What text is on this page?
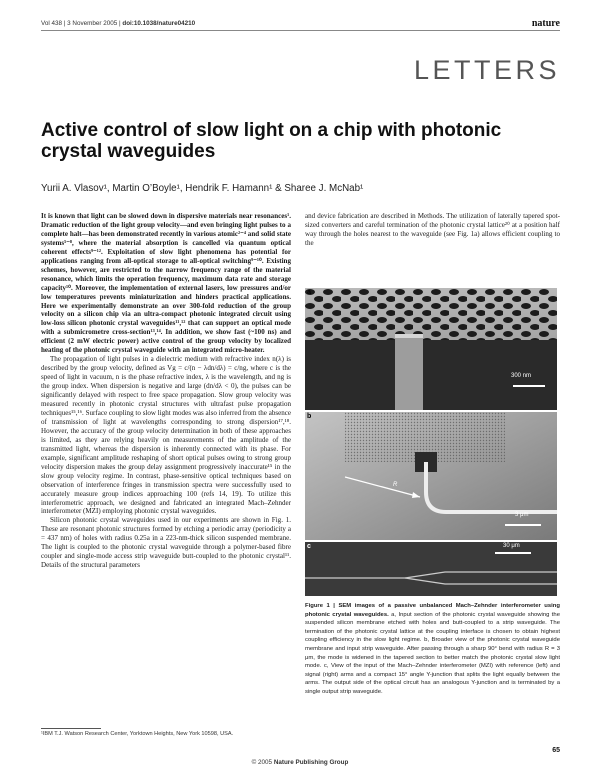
Vol 438 | 3 November 2005 | doi:10.1038/nature04210	nature
LETTERS
Active control of slow light on a chip with photonic crystal waveguides
Yurii A. Vlasov¹, Martin O’Boyle¹, Hendrik F. Hamann¹ & Sharee J. McNab¹

It is known that light can be slowed down in dispersive materials near resonances¹. Dramatic reduction of the light group velocity—and even bringing light pulses to a complete halt—has been demonstrated recently in various atomic²⁻⁴ and solid state systems⁵⁻⁸, where the material absorption is cancelled via quantum optical coherent effects⁹⁻¹². Exploitation of slow light phenomena has potential for applications ranging from all-optical storage to all-optical switching⁹⁻¹⁰. Existing schemes, however, are restricted to the narrow frequency range of the material resonance, which limits the operation frequency, maximum data rate and storage capacity¹⁰. Moreover, the implementation of external lasers, low pressures and/or low temperatures prevents miniaturization and hinders practical applications. Here we experimentally demonstrate an over 300-fold reduction of the group velocity on a silicon chip via an ultra-compact photonic integrated circuit using low-loss silicon photonic crystal waveguides¹¹,¹² that can support an optical mode with a submicrometre cross-section¹³,¹⁴. In addition, we show fast (~100 ns) and efficient (2 mW electric power) active control of the group velocity by localized heating of the photonic crystal waveguide with an integrated micro-heater.

The propagation of light pulses in a dielectric medium with refractive index n(λ) is described by the group velocity, defined as Vg = c/(n − λdn/dλ) = c/ng, where c is the speed of light in vacuum, n is the phase refractive index, λ is the wavelength, and ng is the group index. When dispersion is negative and large (dn/dλ < 0), the pulses can be significantly delayed with respect to free space propagation. Slow group velocity was measured recently in photonic crystal structures with ultrafast pulse propagation techniques¹⁵,¹⁶. Surface coupling to slow light modes was also inferred from the absence of transmission of light at wavelengths corresponding to strong dispersion¹⁷,¹⁸. However, the accuracy of the group velocity determination in both of these approaches is limited, as they are relying heavily on measurements of the amplitude of the transmitted light, whereas the dispersion is inherently connected with its phase. For example, significant amplitude reshaping of short optical pulses owing to strong group velocity dispersion makes the group delay assignment progressively inaccurate¹⁵ in the slow group velocity regime. In contrast, phase-sensitive optical techniques based on observation of interference fringes in transmission spectra were successfully used to accurately measure group indices approaching 100 (refs 14, 19). To utilize this interferometric approach, we designed and fabricated an integrated Mach–Zehnder interferometer (MZI) employing photonic crystal waveguides.

Silicon photonic crystal waveguides used in our experiments are shown in Fig. 1. These are resonant photonic structures formed by etching a periodic array (periodicity a = 437 nm) of holes with radius 0.25a in a 223-nm-thick silicon suspended membrane. The light is coupled to the photonic crystal waveguide through a polymer-based fibre coupler and single-mode access strip waveguide butt-coupled to the photonic crystal¹¹. Details of the structural parameters

and device fabrication are described in Methods. The utilization of laterally tapered spot-sized converters and careful termination of the photonic crystal lattice²⁰ at a position half way through the holes nearest to the waveguide (see Fig. 1a) allows efficient coupling to the

a
300 nm
b
R
3 μm
c	30 μm
Figure 1 | SEM images of a passive unbalanced Mach–Zehnder interferometer using photonic crystal waveguides. a, Input section of the photonic crystal waveguide showing the suspended silicon membrane etched with holes and butt-coupled to a strip waveguide. The termination of the photonic crystal lattice at the coupling interface is chosen to obtain highest coupling efficiency in the slow light regime. b, Broader view of the photonic crystal waveguide membrane and input strip waveguide. After passing through a sharp 90° bend with radius R = 3 μm, the mode is widened in the tapered section to better match the photonic crystal slow light mode. c, View of the input of the Mach–Zehnder interferometer (MZI) with reference (left) and signal (right) arms and a compact 15° angle Y-junction that splits the light equally between the arms. The output side of the optical circuit has an analogous Y-junction and is terminated by a single output strip waveguide.
¹IBM T.J. Watson Research Center, Yorktown Heights, New York 10598, USA.
65
© 2005 Nature Publishing Group
